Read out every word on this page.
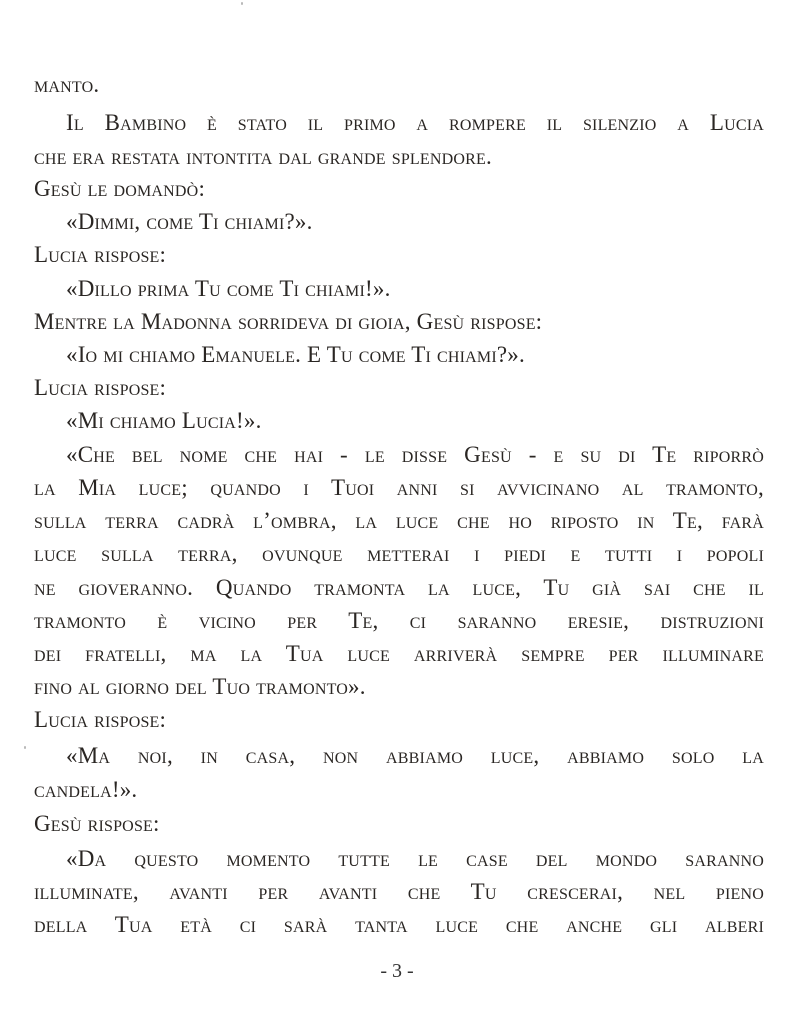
manto.
Il Bambino è stato il primo a rompere il silenzio a Lucia
che era restata intontita dal grande splendore.
Gesù le domandò:
«Dimmi, come Ti chiami?».
Lucia rispose:
«Dillo prima Tu come Ti chiami!».
Mentre la Madonna sorrideva di gioia, Gesù rispose:
«Io mi chiamo Emanuele. E Tu come Ti chiami?».
Lucia rispose:
«Mi chiamo Lucia!».
«Che bel nome che hai - le disse Gesù - e su di Te riporrò
la Mia luce; quando i Tuoi anni si avvicinano al tramonto,
sulla terra cadrà l’ombra, la luce che ho riposto in Te, farà
luce sulla terra, ovunque metterai i piedi e tutti i popoli
ne gioveranno. Quando tramonta la luce, Tu già sai che il
tramonto è vicino per Te, ci saranno eresie, distruzioni
dei fratelli, ma la Tua luce arriverà sempre per illuminare
fino al giorno del Tuo tramonto».
Lucia rispose:
«Ma noi, in casa, non abbiamo luce, abbiamo solo la
candela!».
Gesù rispose:
«Da questo momento tutte le case del mondo saranno
illuminate, avanti per avanti che Tu crescerai, nel pieno
della Tua età ci sarà tanta luce che anche gli alberi
- 3 -
